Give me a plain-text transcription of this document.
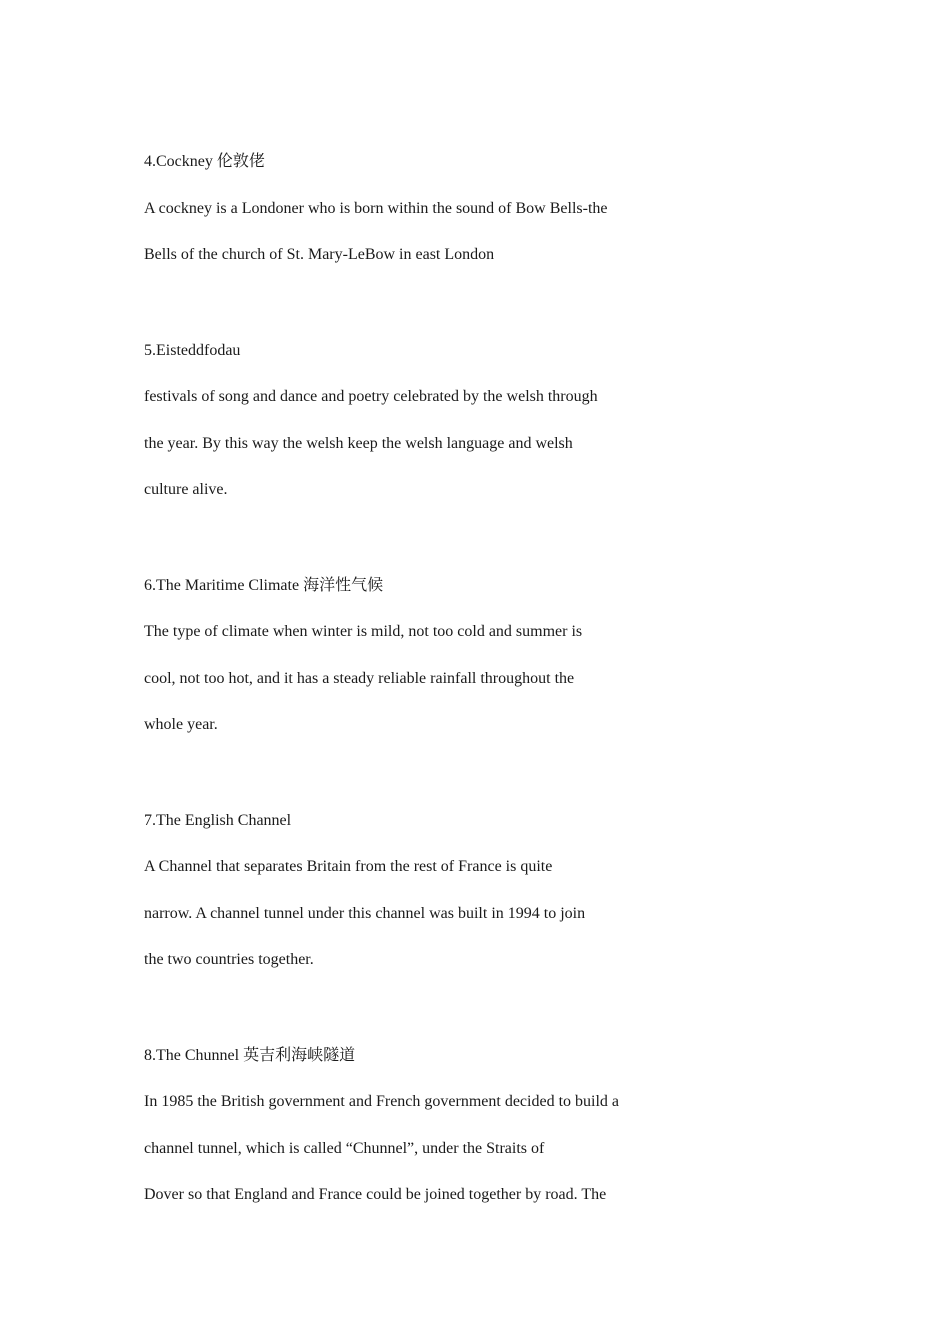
4.Cockney 伦敦佬
A cockney is a Londoner who is born within the sound of Bow Bells-the
Bells of the church of St. Mary-LeBow in east London
5.Eisteddfodau
festivals of song and dance and poetry celebrated by the welsh through
the year. By this way the welsh keep the welsh language and welsh
culture alive.
6.The Maritime Climate 海洋性气候
The type of climate when winter is mild, not too cold and summer is
cool, not too hot, and it has a steady reliable rainfall throughout the
whole year.
7.The English Channel
A Channel that separates Britain from the rest of France is quite
narrow. A channel tunnel under this channel was built in 1994 to join
the two countries together.
8.The Chunnel 英吉利海峡隧道
In 1985 the British government and French government decided to build a
channel tunnel, which is called “Chunnel”, under the Straits of
Dover so that England and France could be joined together by road. The
